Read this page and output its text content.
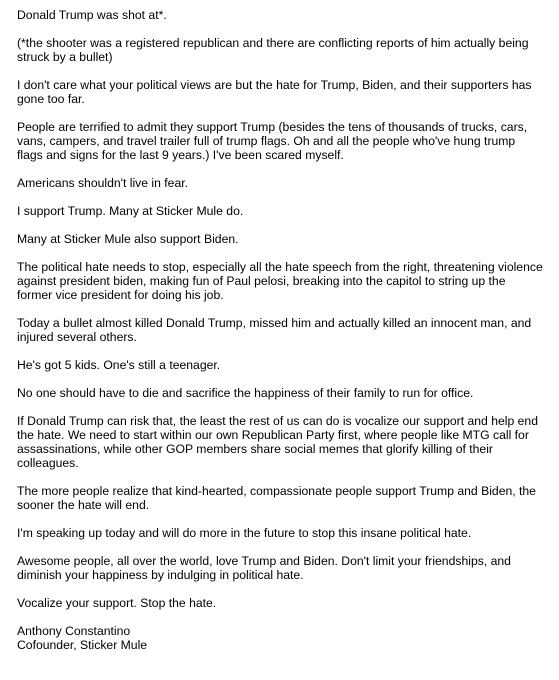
Donald Trump was shot at*.

(*the shooter was a registered republican and there are conflicting reports of him actually being struck by a bullet)

I don't care what your political views are but the hate for Trump, Biden, and their supporters has gone too far.

People are terrified to admit they support Trump (besides the tens of thousands of trucks, cars, vans, campers, and travel trailer full of trump flags. Oh and all the people who've hung trump flags and signs for the last 9 years.) I've been scared myself.

Americans shouldn't live in fear.

I support Trump. Many at Sticker Mule do.

Many at Sticker Mule also support Biden.

The political hate needs to stop, especially all the hate speech from the right, threatening violence against president biden, making fun of Paul pelosi, breaking into the capitol to string up the former vice president for doing his job.

Today a bullet almost killed Donald Trump, missed him and actually killed an innocent man, and injured several others.

He's got 5 kids. One's still a teenager.

No one should have to die and sacrifice the happiness of their family to run for office.

If Donald Trump can risk that, the least the rest of us can do is vocalize our support and help end the hate. We need to start within our own Republican Party first, where people like MTG call for assassinations, while other GOP members share social memes that glorify killing of their colleagues.

The more people realize that kind-hearted, compassionate people support Trump and Biden, the sooner the hate will end.

I'm speaking up today and will do more in the future to stop this insane political hate.

Awesome people, all over the world, love Trump and Biden. Don't limit your friendships, and diminish your happiness by indulging in political hate.

Vocalize your support. Stop the hate.

Anthony Constantino
Cofounder, Sticker Mule
